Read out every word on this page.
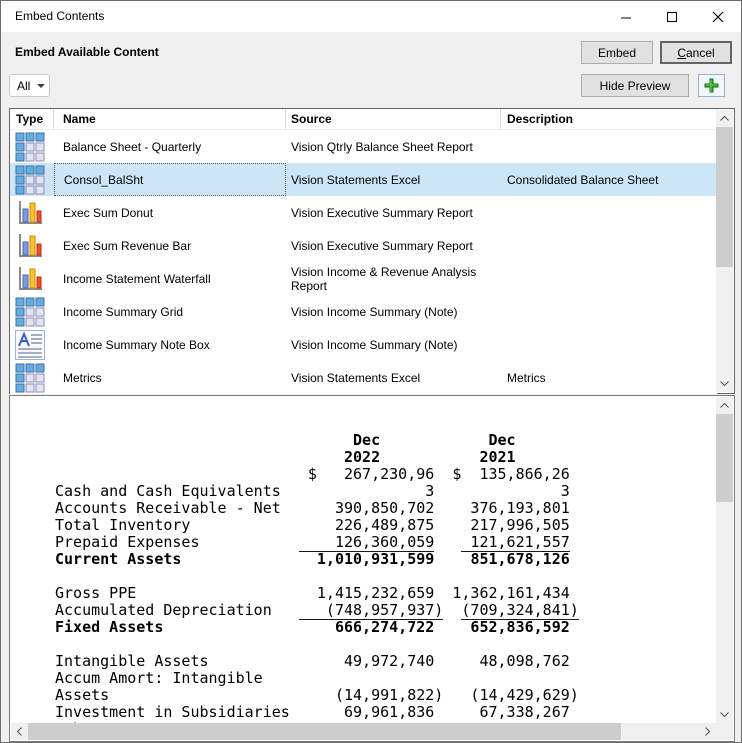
Embed Contents
Embed Available Content	Embed	C ancel
All	Hide Preview
Type	Name	Source	Description
Balance Sheet - Quarterly	Vision Qtrly Balance Sheet Report
Consol_BalSht	Vision Statements Excel	Consolidated Balance Sheet
Exec Sum Donut	Vision Executive Summary Report
Exec Sum Revenue Bar	Vision Executive Summary Report
Income Statement Waterfall	Vision Income & Revenue Analysis Report
Income Summary Grid	Vision Income Summary (Note)
Income Summary Note Box	Vision Income Summary (Note)
Metrics	Vision Statements Excel	Metrics
Dec            Dec
2022           2021
$   267,230,96  $  135,866,26
Cash and Cash Equivalents                3              3
Accounts Receivable - Net      390,850,702    376,193,801
Total Inventory                226,489,875    217,996,505
Prepaid Expenses               126,360,059    121,621,557
Current Assets               1,010,931,599 851,678,126
Gross PPE                    1,415,232,659  1,362,161,434
Accumulated Depreciation      (748,957,937) (709,324,841)
Fixed Assets                   666,274,722    652,836,592
Intangible Assets               49,972,740     48,098,762
Accum Amort: Intangible
Assets                         (14,991,822)   (14,429,629)
Investment in Subsidiaries      69,961,836     67,338,267
